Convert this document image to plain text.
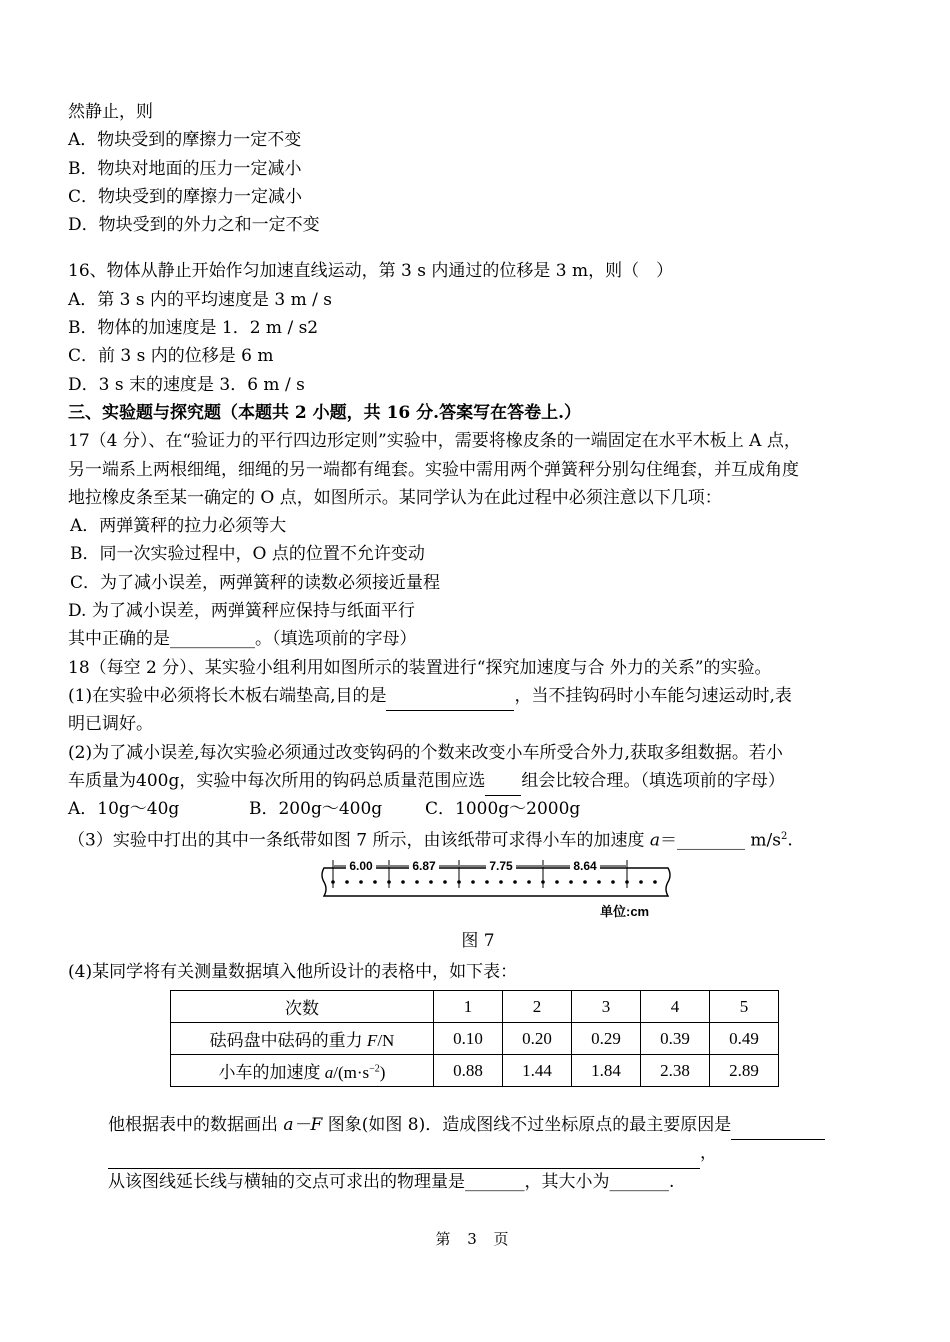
然静止，则
A．物块受到的摩擦力一定不变
B．物块对地面的压力一定减小
C．物块受到的摩擦力一定减小
D．物块受到的外力之和一定不变
16、物体从静止开始作匀加速直线运动，第 3 s 内通过的位移是 3 m，则（　）
A．第 3 s 内的平均速度是 3 m / s
B．物体的加速度是 1．2 m / s2
C．前 3 s 内的位移是 6 m
D．3 s 末的速度是 3．6 m / s
三、实验题与探究题（本题共 2 小题，共 16 分.答案写在答卷上.）
17（4 分）、在“验证力的平行四边形定则”实验中，需要将橡皮条的一端固定在水平木板上 A 点，
另一端系上两根细绳，细绳的另一端都有绳套。实验中需用两个弹簧秤分别勾住绳套，并互成角度
地拉橡皮条至某一确定的 O 点，如图所示。某同学认为在此过程中必须注意以下几项：
A．两弹簧秤的拉力必须等大
B．同一次实验过程中，O 点的位置不允许变动
C．为了减小误差，两弹簧秤的读数必须接近量程
D. 为了减小误差，两弹簧秤应保持与纸面平行
其中正确的是__________。（填选项前的字母）
18（每空 2 分）、某实验小组利用如图所示的装置进行“探究加速度与合 外力的关系”的实验。
(1)在实验中必须将长木板右端垫高,目的是	，当不挂钩码时小车能匀速运动时,表
明已调好。
(2)为了减小误差,每次实验必须通过改变钩码的个数来改变小车所受合外力,获取多组数据。若小
车质量为400g，实验中每次所用的钩码总质量范围应选 组会比较合理。（填选项前的字母）
A．10g～40g	B．200g～400g	C．1000g～2000g
（3）实验中打出的其中一条纸带如图 7 所示，由该纸带可求得小车的加速度 a＝________ $m/s^2$.
6.00	6.87	7.75	8.64
单位:cm
图 7
(4)某同学将有关测量数据填入他所设计的表格中，如下表：
次数	1	2	3	4	5
砝码盘中砝码的重力 F/N	0.10	0.20	0.29	0.39	0.49
小车的加速度 $a/(m\cdot s^{-2})$	0.88	1.44	1.84	2.38	2.89
他根据表中的数据画出 a－F 图象(如图 8)．造成图线不过坐标原点的最主要原因是
，
从该图线延长线与横轴的交点可求出的物理量是_______，其大小为_______.
第 3 页
